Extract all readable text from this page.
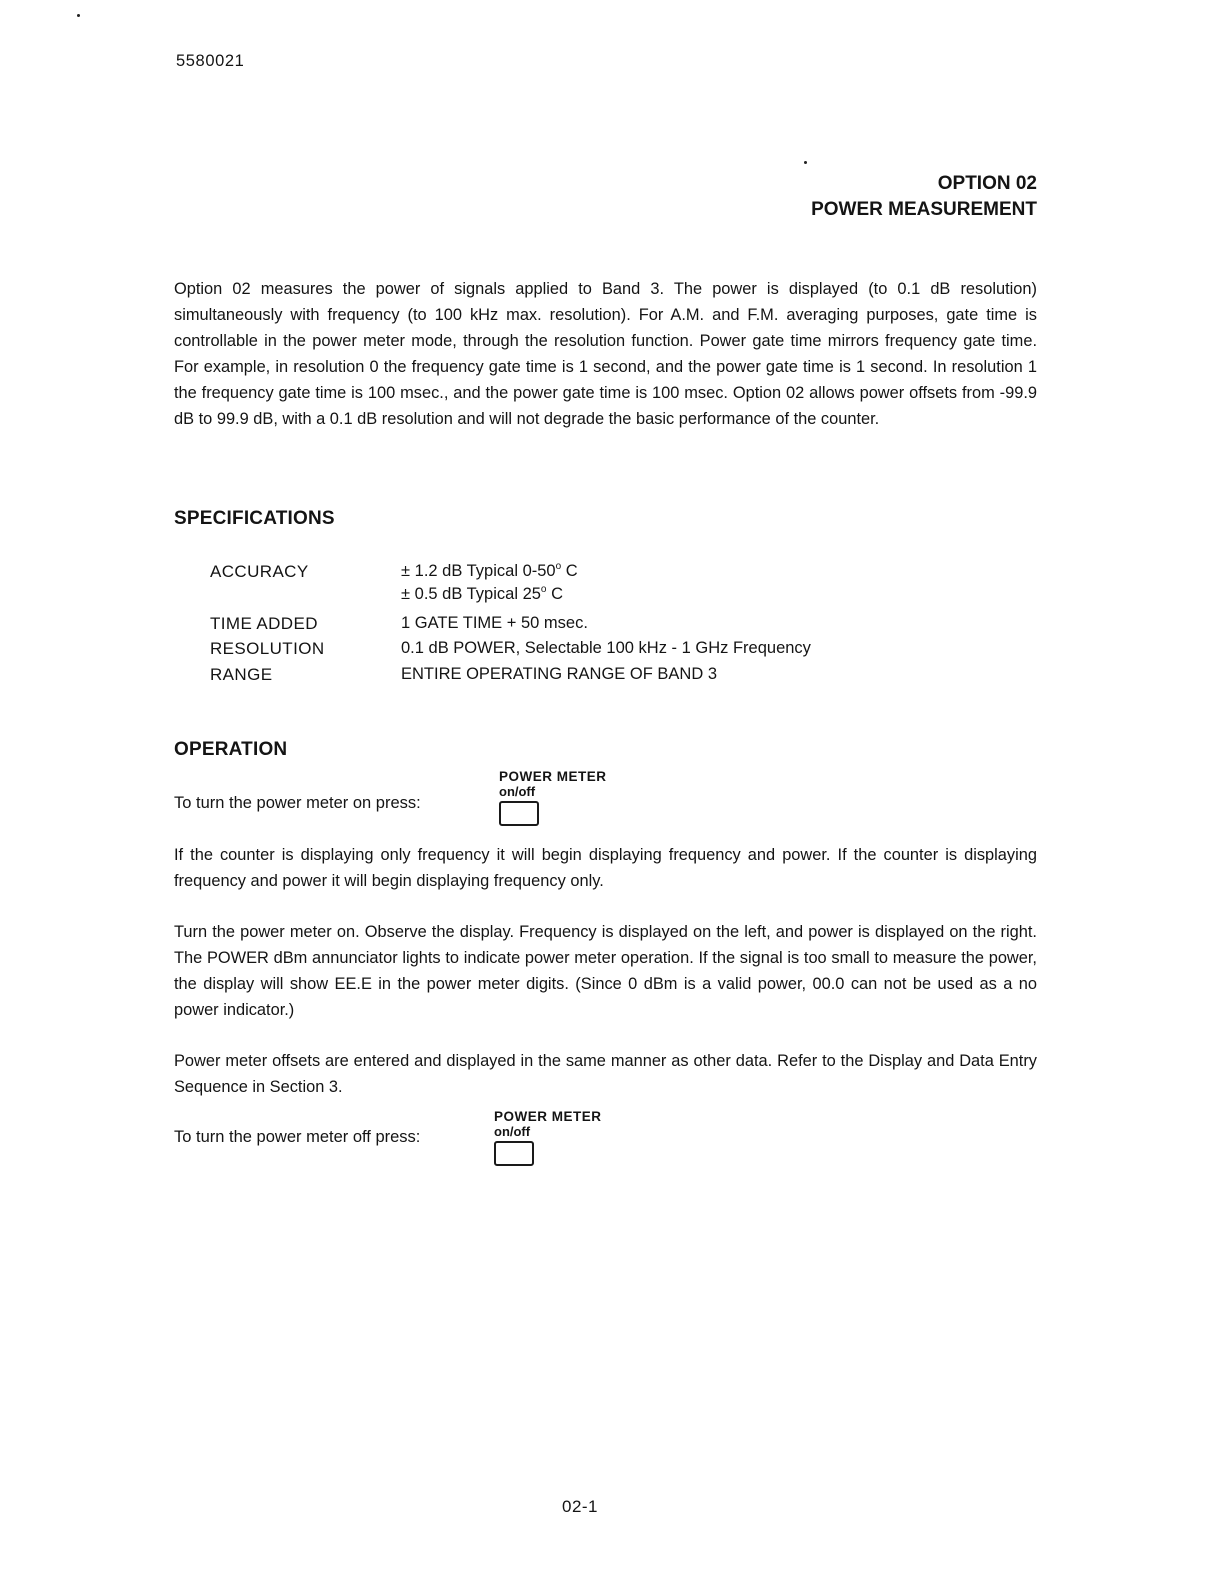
5580021
OPTION 02
POWER MEASUREMENT
Option 02 measures the power of signals applied to Band 3. The power is displayed (to 0.1 dB resolution) simultaneously with frequency (to 100 kHz max. resolution). For A.M. and F.M. averaging purposes, gate time is controllable in the power meter mode, through the resolution function. Power gate time mirrors frequency gate time. For example, in resolution 0 the frequency gate time is 1 second, and the power gate time is 1 second. In resolution 1 the frequency gate time is 100 msec., and the power gate time is 100 msec. Option 02 allows power offsets from -99.9 dB to 99.9 dB, with a 0.1 dB resolution and will not degrade the basic performance of the counter.
SPECIFICATIONS
ACCURACY	± 1.2 dB Typical 0-50$^o$ C
± 0.5 dB Typical 25$^o$ C
TIME ADDED	1 GATE TIME + 50 msec.
RESOLUTION	0.1 dB POWER, Selectable 100 kHz - 1 GHz Frequency
RANGE	ENTIRE OPERATING RANGE OF BAND 3
OPERATION
To turn the power meter on press:
POWER METER
on/off
If the counter is displaying only frequency it will begin displaying frequency and power. If the counter is displaying frequency and power it will begin displaying frequency only.
Turn the power meter on. Observe the display. Frequency is displayed on the left, and power is displayed on the right. The POWER dBm annunciator lights to indicate power meter operation. If the signal is too small to measure the power, the display will show EE.E in the power meter digits. (Since 0 dBm is a valid power, 00.0 can not be used as a no power indicator.)
Power meter offsets are entered and displayed in the same manner as other data. Refer to the Display and Data Entry Sequence in Section 3.
To turn the power meter off press:
POWER METER
on/off
02-1
